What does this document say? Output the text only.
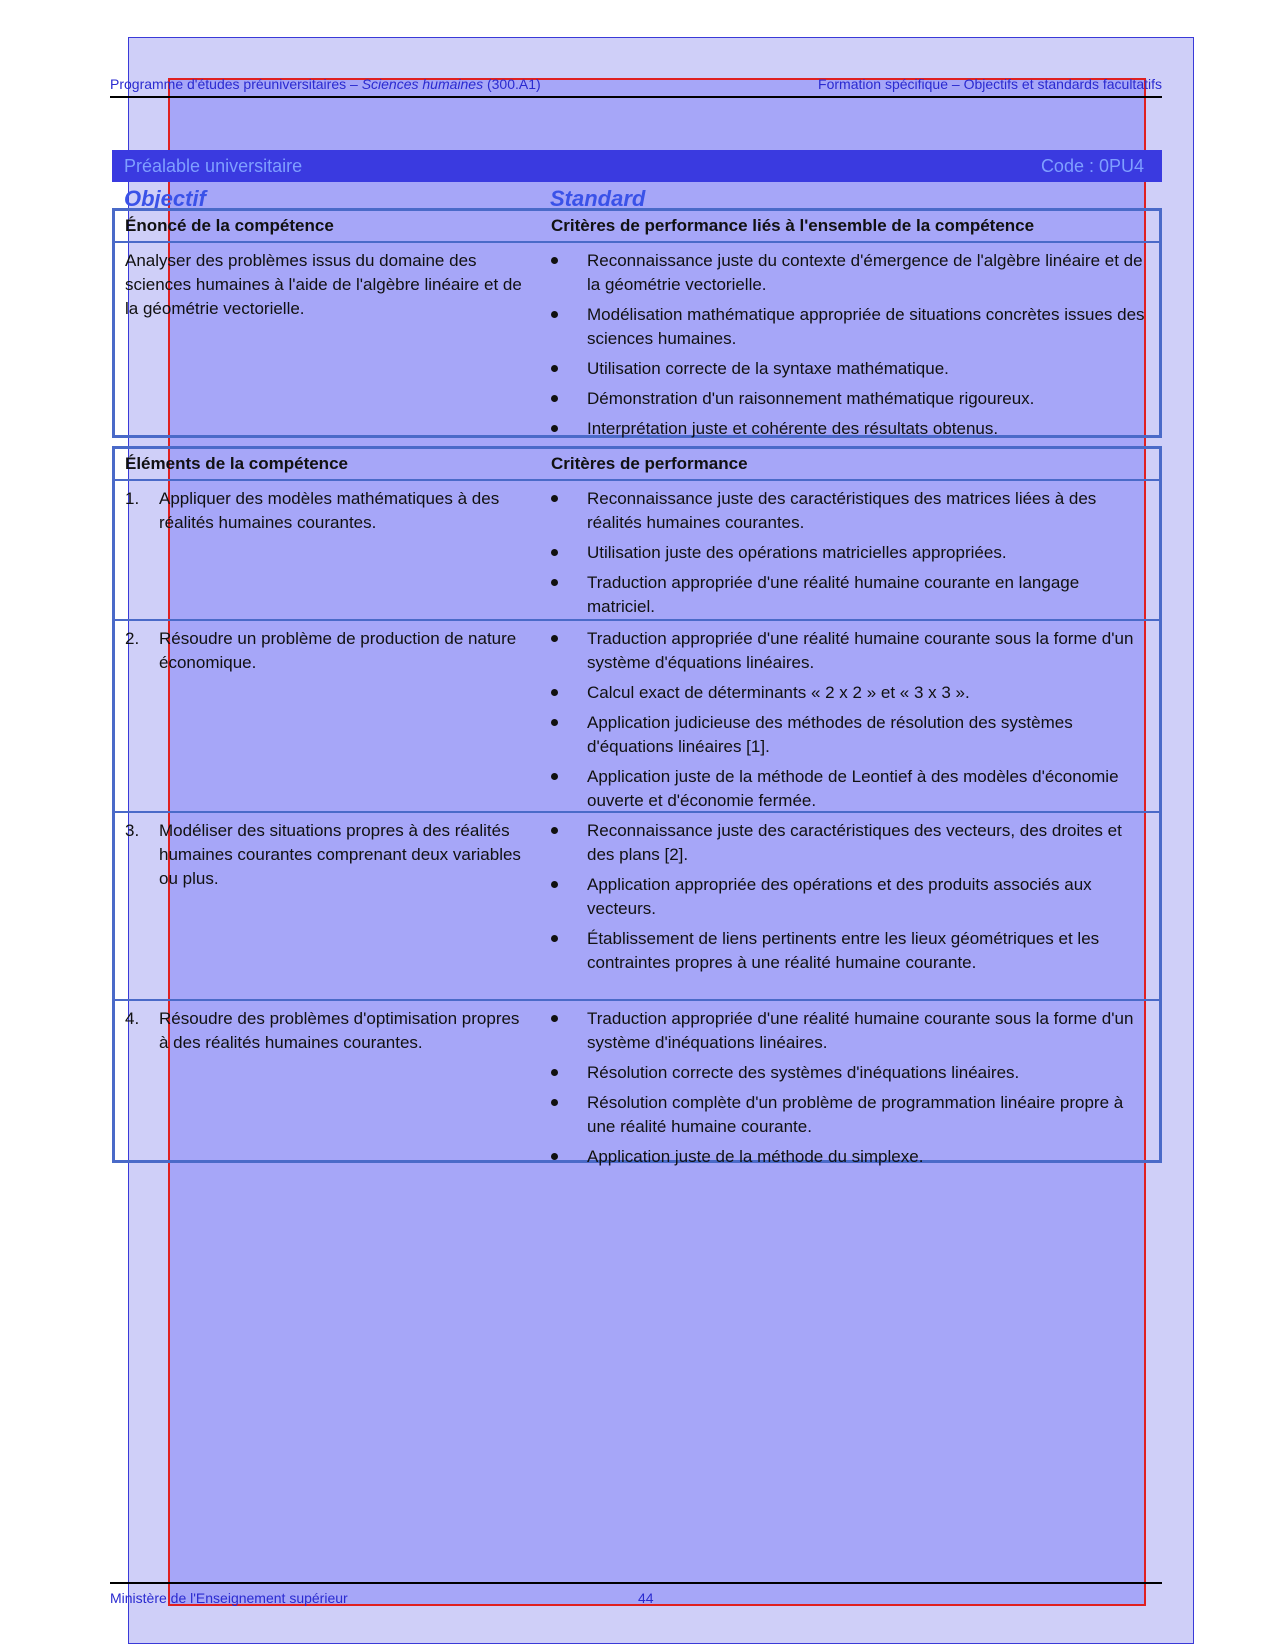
Programme d'études préuniversitaires – Sciences humaines (300.A1)	Formation spécifique – Objectifs et standards facultatifs
Préalable universitaire	Code : 0PU4
Objectif	Standard
Énoncé de la compétence	Critères de performance liés à l'ensemble de la compétence
Analyser des problèmes issus du domaine des sciences humaines à l'aide de l'algèbre linéaire et de la géométrie vectorielle.
Reconnaissance juste du contexte d'émergence de l'algèbre linéaire et de la géométrie vectorielle.
Modélisation mathématique appropriée de situations concrètes issues des sciences humaines.
Utilisation correcte de la syntaxe mathématique.
Démonstration d'un raisonnement mathématique rigoureux.
Interprétation juste et cohérente des résultats obtenus.
Éléments de la compétence	Critères de performance
1. Appliquer des modèles mathématiques à des réalités humaines courantes.
Reconnaissance juste des caractéristiques des matrices liées à des réalités humaines courantes.
Utilisation juste des opérations matricielles appropriées.
Traduction appropriée d'une réalité humaine courante en langage matriciel.
2. Résoudre un problème de production de nature économique.
Traduction appropriée d'une réalité humaine courante sous la forme d'un système d'équations linéaires.
Calcul exact de déterminants « 2 x 2 » et « 3 x 3 ».
Application judicieuse des méthodes de résolution des systèmes d'équations linéaires [1].
Application juste de la méthode de Leontief à des modèles d'économie ouverte et d'économie fermée.
3. Modéliser des situations propres à des réalités humaines courantes comprenant deux variables ou plus.
Reconnaissance juste des caractéristiques des vecteurs, des droites et des plans [2].
Application appropriée des opérations et des produits associés aux vecteurs.
Établissement de liens pertinents entre les lieux géométriques et les contraintes propres à une réalité humaine courante.
4. Résoudre des problèmes d'optimisation propres à des réalités humaines courantes.
Traduction appropriée d'une réalité humaine courante sous la forme d'un système d'inéquations linéaires.
Résolution correcte des systèmes d'inéquations linéaires.
Résolution complète d'un problème de programmation linéaire propre à une réalité humaine courante.
Application juste de la méthode du simplexe.
Ministère de l'Enseignement supérieur	44
